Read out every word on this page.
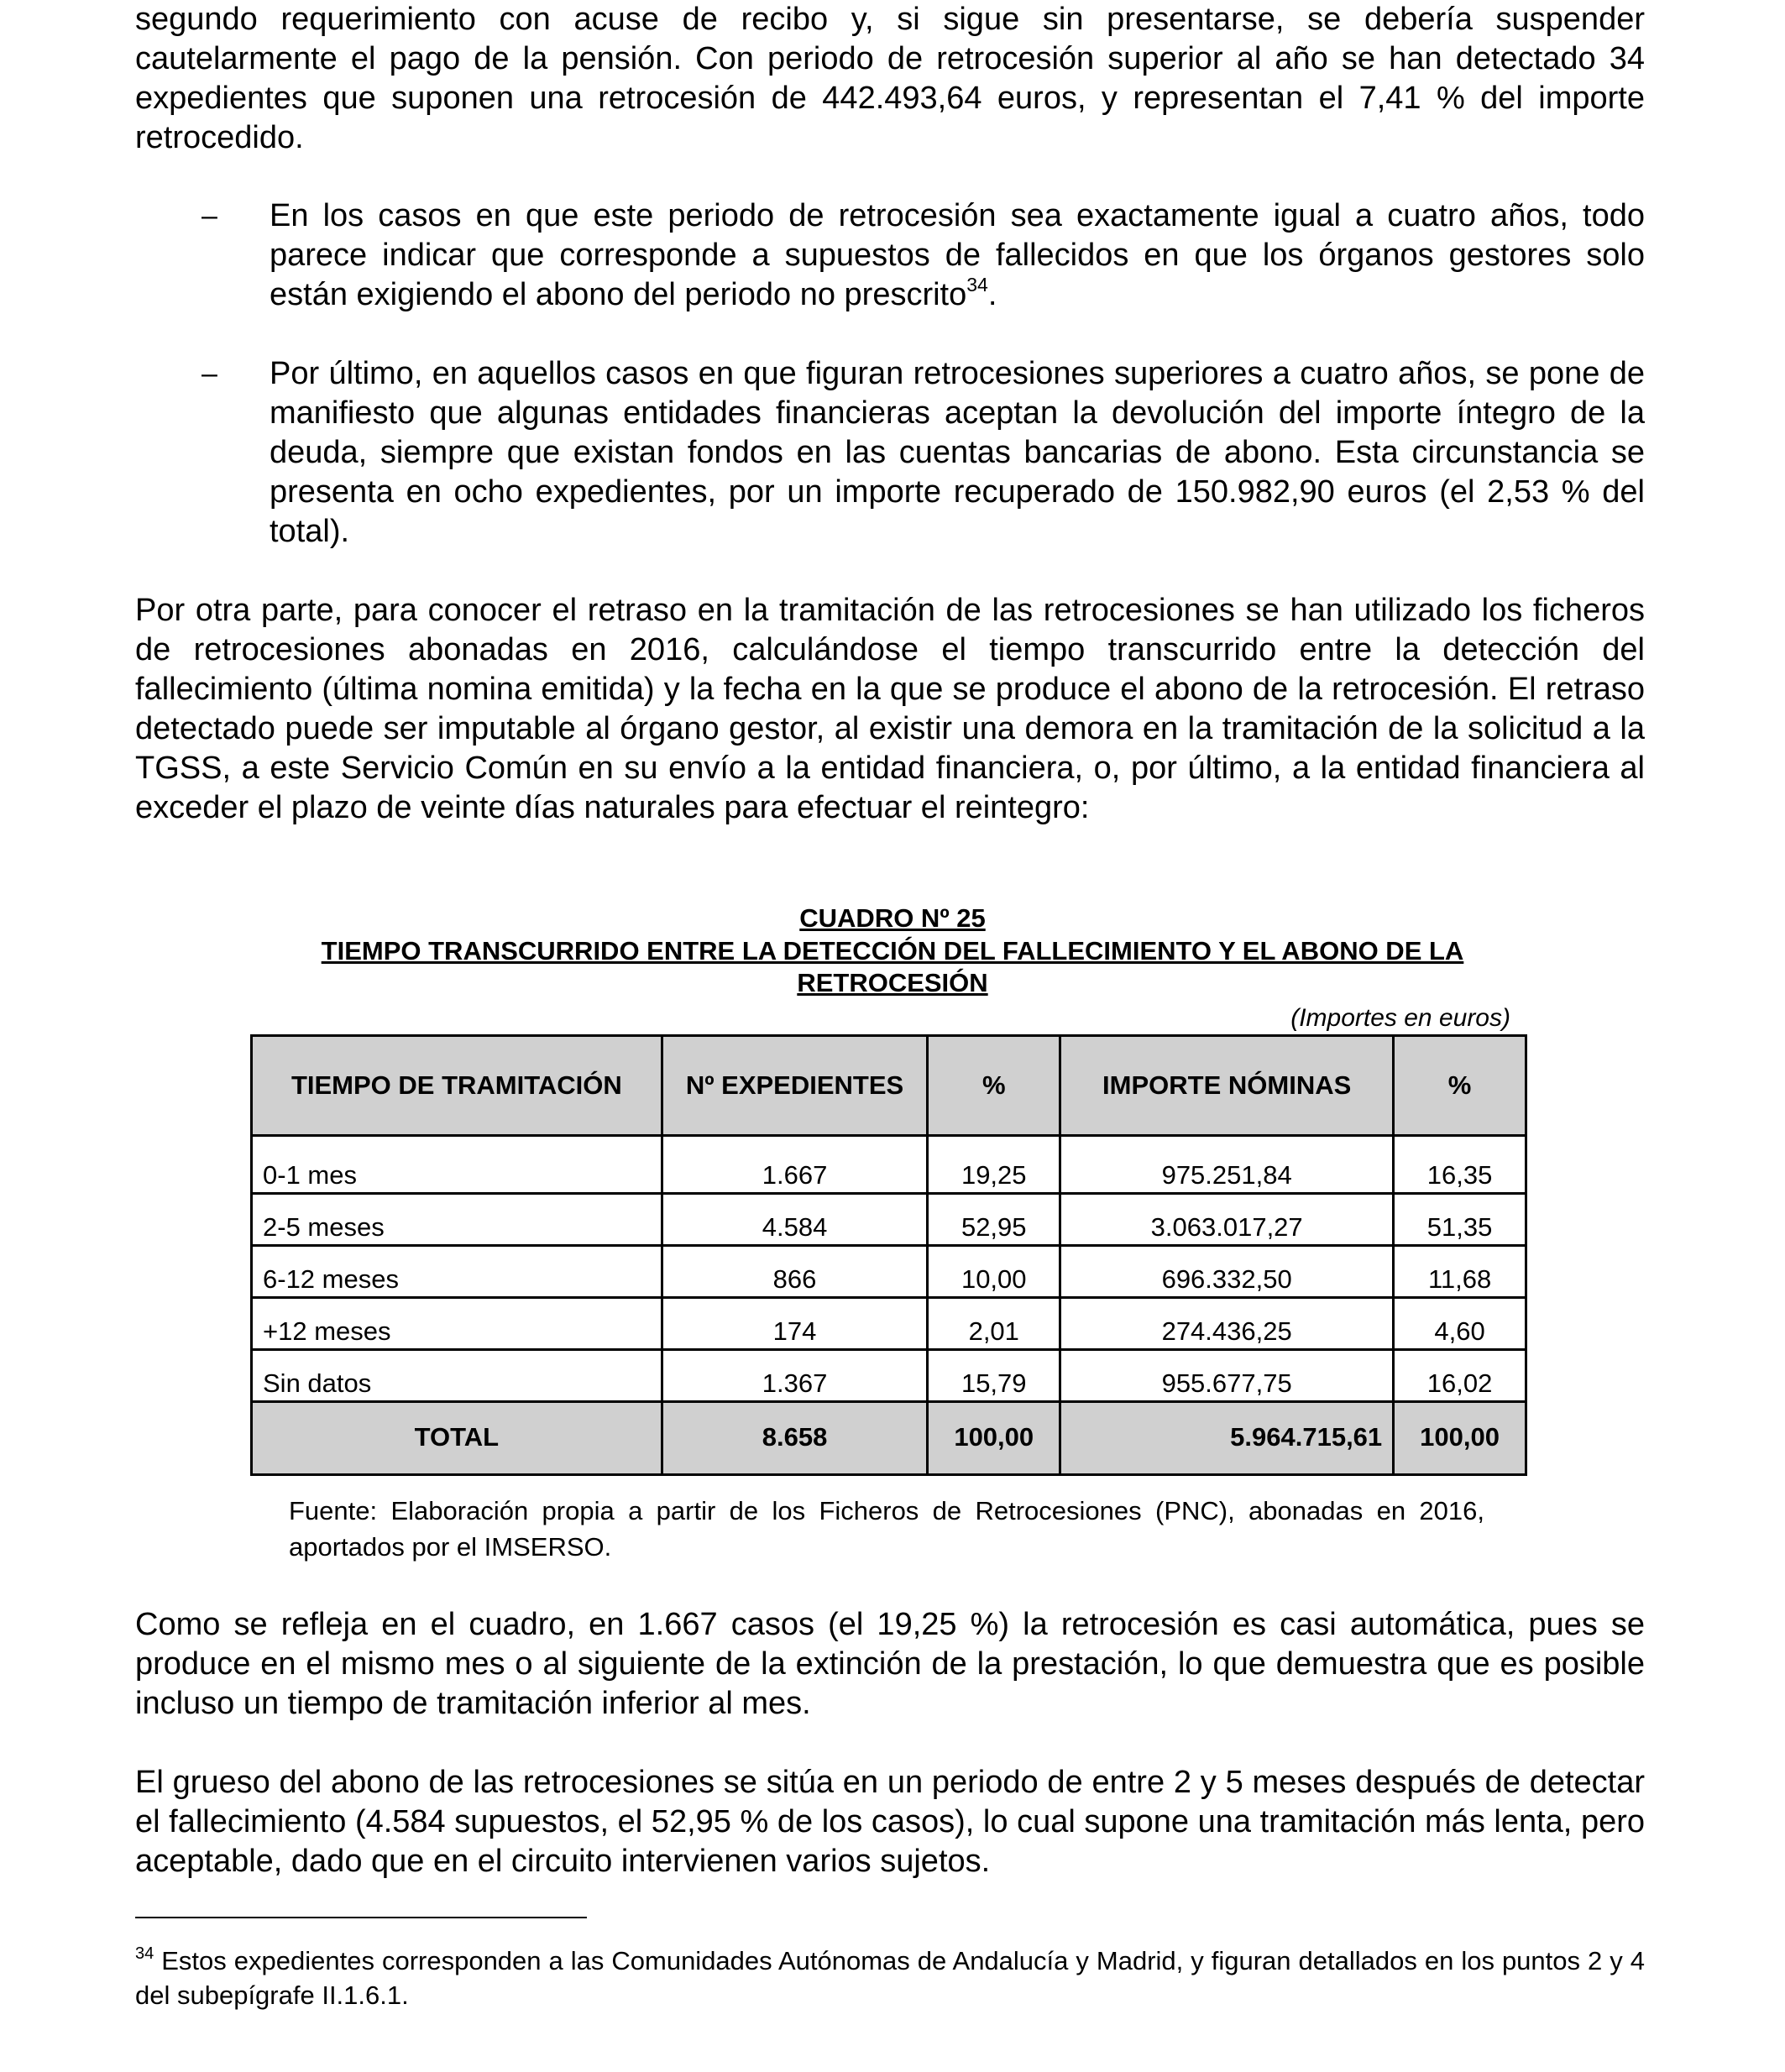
segundo requerimiento con acuse de recibo y, si sigue sin presentarse, se debería suspender cautelarmente el pago de la pensión. Con periodo de retrocesión superior al año se han detectado 34 expedientes que suponen una retrocesión de 442.493,64 euros, y representan el 7,41 % del importe retrocedido.

– En los casos en que este periodo de retrocesión sea exactamente igual a cuatro años, todo parece indicar que corresponde a supuestos de fallecidos en que los órganos gestores solo están exigiendo el abono del periodo no prescrito$^{34}$.
– Por último, en aquellos casos en que figuran retrocesiones superiores a cuatro años, se pone de manifiesto que algunas entidades financieras aceptan la devolución del importe íntegro de la deuda, siempre que existan fondos en las cuentas bancarias de abono. Esta circunstancia se presenta en ocho expedientes, por un importe recuperado de 150.982,90 euros (el 2,53 % del total).

Por otra parte, para conocer el retraso en la tramitación de las retrocesiones se han utilizado los ficheros de retrocesiones abonadas en 2016, calculándose el tiempo transcurrido entre la detección del fallecimiento (última nomina emitida) y la fecha en la que se produce el abono de la retrocesión. El retraso detectado puede ser imputable al órgano gestor, al existir una demora en la tramitación de la solicitud a la TGSS, a este Servicio Común en su envío a la entidad financiera, o, por último, a la entidad financiera al exceder el plazo de veinte días naturales para efectuar el reintegro:

CUADRO Nº 25
TIEMPO TRANSCURRIDO ENTRE LA DETECCIÓN DEL FALLECIMIENTO Y EL ABONO DE LA RETROCESIÓN
(Importes en euros)
TIEMPO DE TRAMITACIÓN	Nº EXPEDIENTES	%	IMPORTE NÓMINAS	%
0-1 mes	1.667	19,25	975.251,84	16,35
2-5 meses	4.584	52,95	3.063.017,27	51,35
6-12 meses	866	10,00	696.332,50	11,68
+12 meses	174	2,01	274.436,25	4,60
Sin datos	1.367	15,79	955.677,75	16,02
TOTAL	8.658	100,00	5.964.715,61	100,00
Fuente: Elaboración propia a partir de los Ficheros de Retrocesiones (PNC), abonadas en 2016, aportados por el IMSERSO.

Como se refleja en el cuadro, en 1.667 casos (el 19,25 %) la retrocesión es casi automática, pues se produce en el mismo mes o al siguiente de la extinción de la prestación, lo que demuestra que es posible incluso un tiempo de tramitación inferior al mes.

El grueso del abono de las retrocesiones se sitúa en un periodo de entre 2 y 5 meses después de detectar el fallecimiento (4.584 supuestos, el 52,95 % de los casos), lo cual supone una tramitación más lenta, pero aceptable, dado que en el circuito intervienen varios sujetos.

$^{34}$ Estos expedientes corresponden a las Comunidades Autónomas de Andalucía y Madrid, y figuran detallados en los puntos 2 y 4 del subepígrafe II.1.6.1.
